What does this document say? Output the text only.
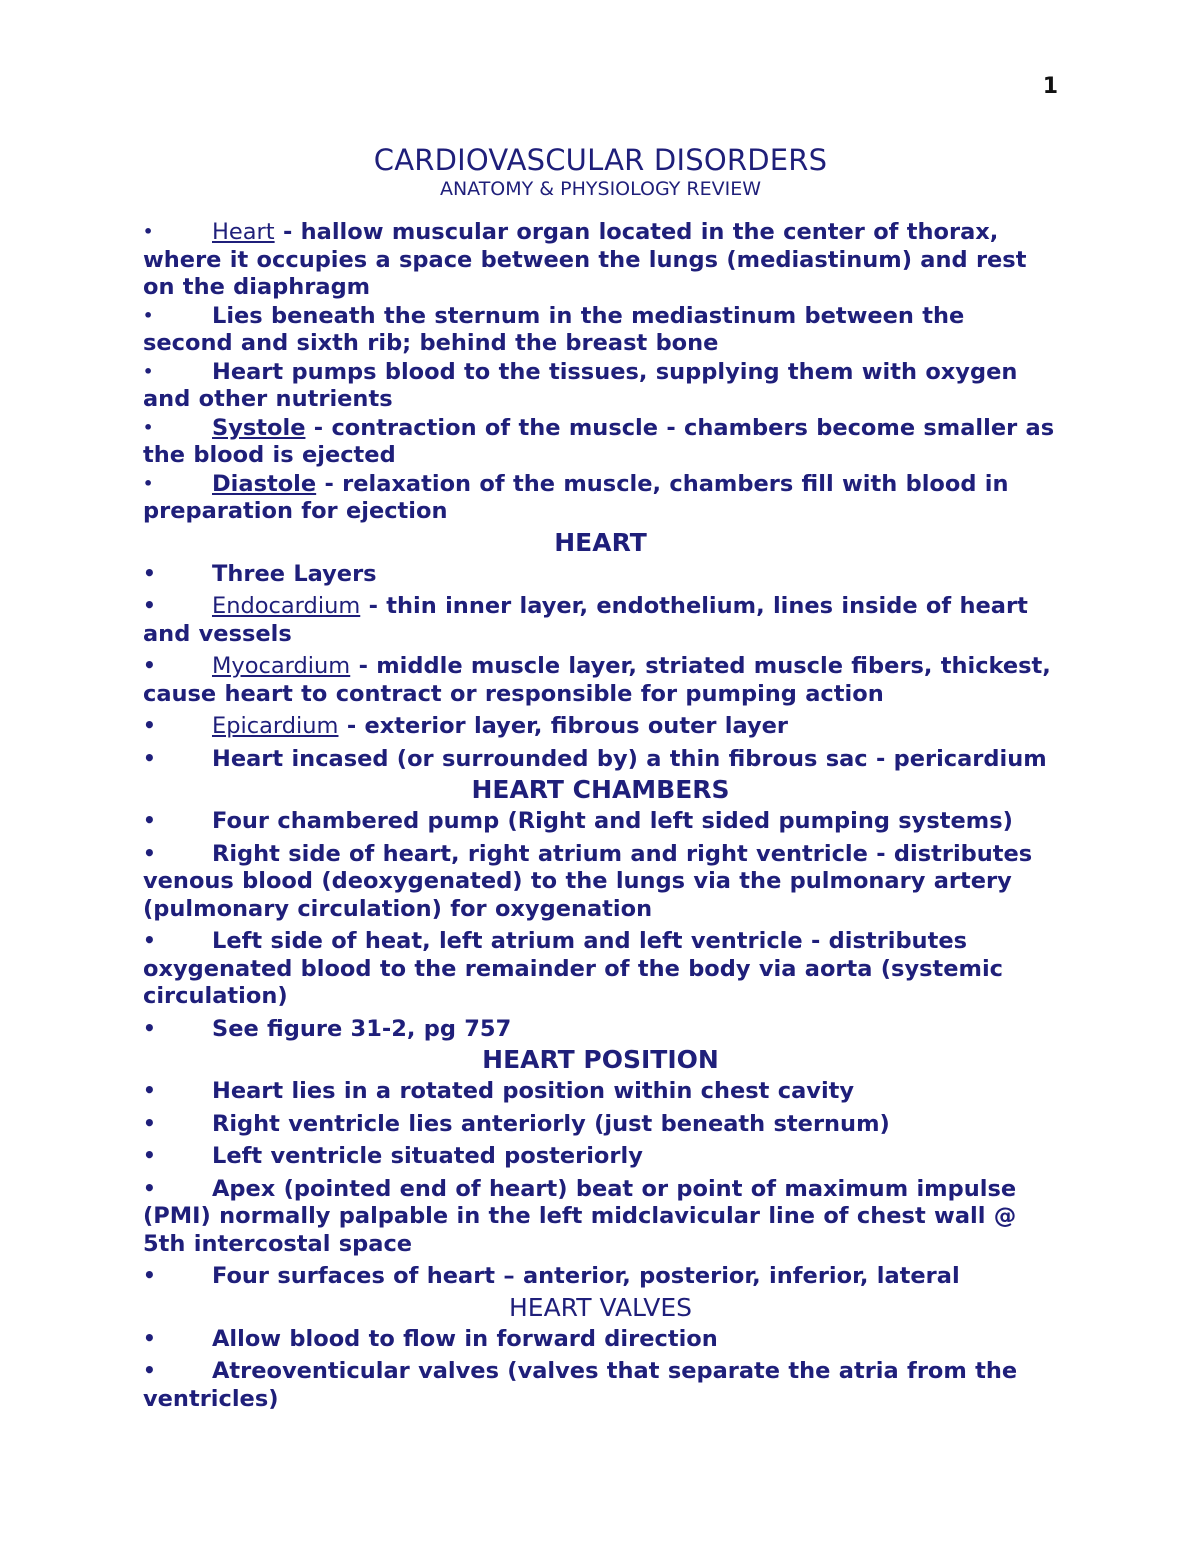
1
CARDIOVASCULAR DISORDERS

ANATOMY & PHYSIOLOGY REVIEW

•	Heart - hallow muscular organ located in the center of thorax, where it occupies a space between the lungs (mediastinum) and rest on the diaphragm

•	Lies beneath the sternum in the mediastinum between the second and sixth rib; behind the breast bone

•	Heart pumps blood to the tissues, supplying them with oxygen and other nutrients

•	Systole - contraction of the muscle - chambers become smaller as the blood is ejected

•	Diastole - relaxation of the muscle, chambers fill with blood in preparation for ejection

HEART

• Three Layers

• Endocardium - thin inner layer, endothelium, lines inside of heart and vessels

• Myocardium - middle muscle layer, striated muscle fibers, thickest, cause heart to contract or responsible for pumping action

• Epicardium - exterior layer, fibrous outer layer

• Heart incased (or surrounded by) a thin fibrous sac - pericardium

HEART CHAMBERS

• Four chambered pump (Right and left sided pumping systems)

• Right side of heart, right atrium and right ventricle - distributes venous blood (deoxygenated) to the lungs via the pulmonary artery (pulmonary circulation) for oxygenation

• Left side of heat, left atrium and left ventricle - distributes oxygenated blood to the remainder of the body via aorta (systemic circulation)

• See figure 31-2, pg 757

HEART POSITION

• Heart lies in a rotated position within chest cavity

• Right ventricle lies anteriorly (just beneath sternum)

• Left ventricle situated posteriorly

• Apex (pointed end of heart) beat or point of maximum impulse (PMI) normally palpable in the left midclavicular line of chest wall @ 5th intercostal space

• Four surfaces of heart – anterior, posterior, inferior, lateral

HEART VALVES

• Allow blood to flow in forward direction

• Atreoventicular valves (valves that separate the atria from the ventricles)
